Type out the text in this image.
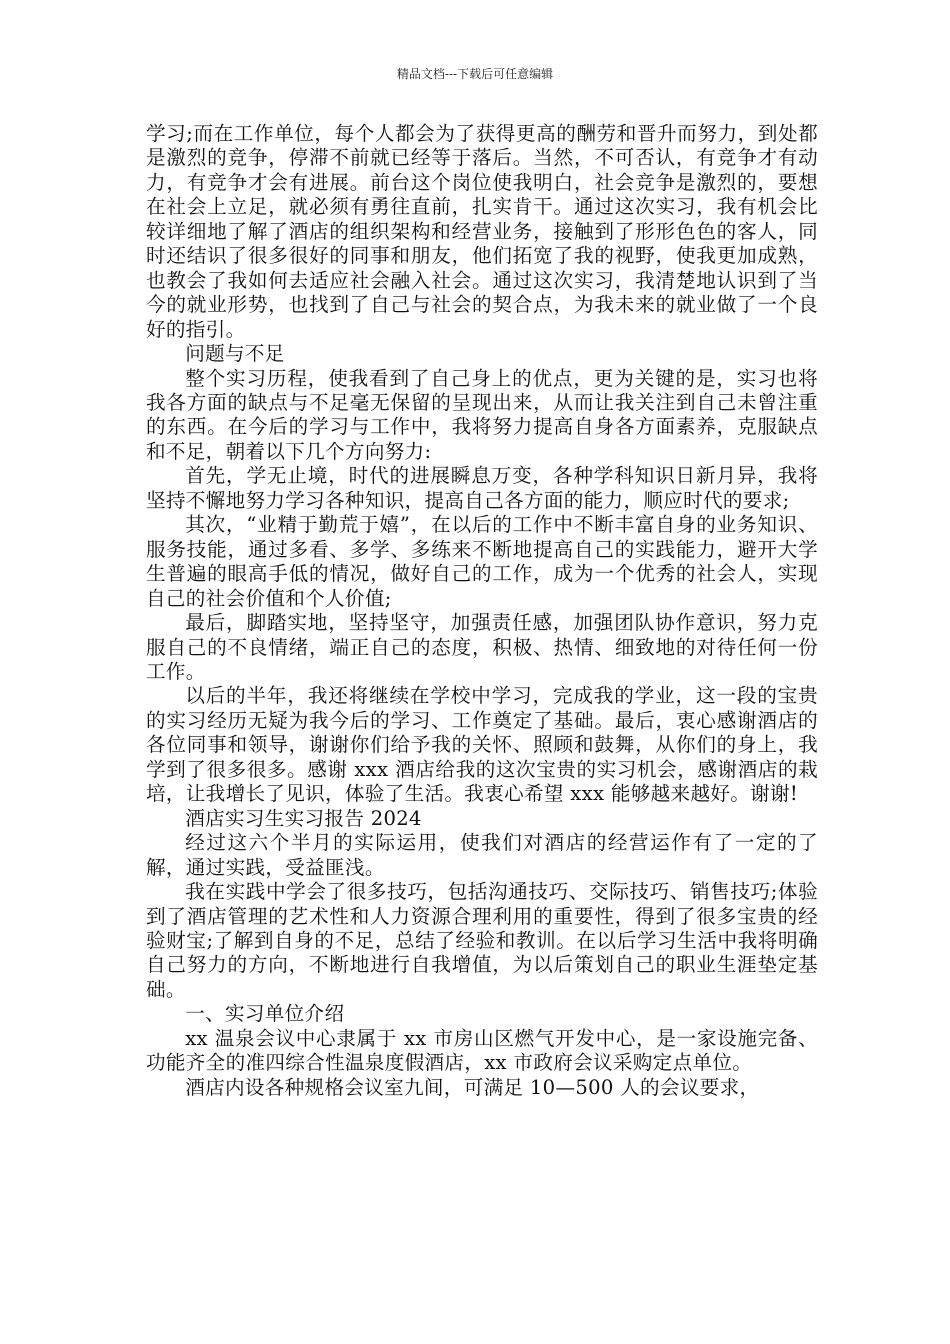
精品文档---下载后可任意编辑

学习;而在工作单位，每个人都会为了获得更高的酬劳和晋升而努力，到处都是激烈的竞争，停滞不前就已经等于落后。当然，不可否认，有竞争才有动力，有竞争才会有进展。前台这个岗位使我明白，社会竞争是激烈的，要想在社会上立足，就必须有勇往直前，扎实肯干。通过这次实习，我有机会比较详细地了解了酒店的组织架构和经营业务，接触到了形形色色的客人，同时还结识了很多很好的同事和朋友，他们拓宽了我的视野，使我更加成熟，也教会了我如何去适应社会融入社会。通过这次实习，我清楚地认识到了当今的就业形势，也找到了自己与社会的契合点，为我未来的就业做了一个良好的指引。

问题与不足

整个实习历程，使我看到了自己身上的优点，更为关键的是，实习也将我各方面的缺点与不足毫无保留的呈现出来，从而让我关注到自己未曾注重的东西。在今后的学习与工作中，我将努力提高自身各方面素养，克服缺点和不足，朝着以下几个方向努力:

首先，学无止境，时代的进展瞬息万变，各种学科知识日新月异，我将坚持不懈地努力学习各种知识，提高自己各方面的能力，顺应时代的要求;

其次，“业精于勤荒于嬉”，在以后的工作中不断丰富自身的业务知识、服务技能，通过多看、多学、多练来不断地提高自己的实践能力，避开大学生普遍的眼高手低的情况，做好自己的工作，成为一个优秀的社会人，实现自己的社会价值和个人价值;

最后，脚踏实地，坚持坚守，加强责任感，加强团队协作意识，努力克服自己的不良情绪，端正自己的态度，积极、热情、细致地的对待任何一份工作。

以后的半年，我还将继续在学校中学习，完成我的学业，这一段的宝贵的实习经历无疑为我今后的学习、工作奠定了基础。最后，衷心感谢酒店的各位同事和领导，谢谢你们给予我的关怀、照顾和鼓舞，从你们的身上，我学到了很多很多。感谢 xxx 酒店给我的这次宝贵的实习机会，感谢酒店的栽培，让我增长了见识，体验了生活。我衷心希望 xxx 能够越来越好。谢谢!

酒店实习生实习报告 2024

经过这六个半月的实际运用，使我们对酒店的经营运作有了一定的了解，通过实践，受益匪浅。

我在实践中学会了很多技巧，包括沟通技巧、交际技巧、销售技巧;体验到了酒店管理的艺术性和人力资源合理利用的重要性，得到了很多宝贵的经验财宝;了解到自身的不足，总结了经验和教训。在以后学习生活中我将明确自己努力的方向，不断地进行自我增值，为以后策划自己的职业生涯垫定基础。

一、实习单位介绍

xx 温泉会议中心隶属于 xx 市房山区燃气开发中心，是一家设施完备、功能齐全的准四综合性温泉度假酒店，xx 市政府会议采购定点单位。

酒店内设各种规格会议室九间，可满足 10—500 人的会议要求，
